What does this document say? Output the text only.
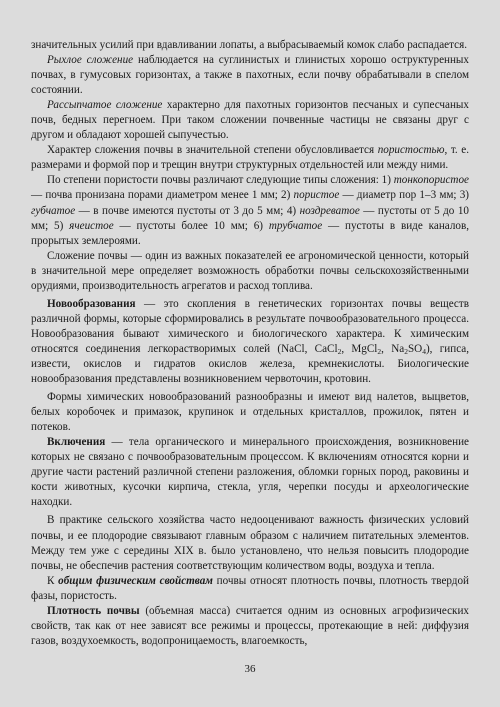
значительных усилий при вдавливании лопаты, а выбрасываемый комок слабо распадается.

Рыхлое сложение наблюдается на суглинистых и глинистых хорошо оструктуренных почвах, в гумусовых горизонтах, а также в пахотных, если почву обрабатывали в спелом состоянии.

Рассыпчатое сложение характерно для пахотных горизонтов песчаных и супесчаных почв, бедных перегноем. При таком сложении почвенные частицы не связаны друг с другом и обладают хорошей сыпучестью.

Характер сложения почвы в значительной степени обусловливается пористостью, т. е. размерами и формой пор и трещин внутри структурных отдельностей или между ними.

По степени пористости почвы различают следующие типы сложения: 1) тонкопористое — почва пронизана порами диаметром менее 1 мм; 2) пористое — диаметр пор 1–3 мм; 3) губчатое — в почве имеются пустоты от 3 до 5 мм; 4) ноздреватое — пустоты от 5 до 10 мм; 5) ячеистое — пустоты более 10 мм; 6) трубчатое — пустоты в виде каналов, прорытых землероями.

Сложение почвы — один из важных показателей ее агрономической ценности, который в значительной мере определяет возможность обработки почвы сельскохозяйственными орудиями, производительность агрегатов и расход топлива.

Новообразования — это скопления в генетических горизонтах почвы веществ различной формы, которые сформировались в результате почвообразовательного процесса. Новообразования бывают химического и биологического характера. К химическим относятся соединения легкорастворимых солей (NaCl, CaCl$_2$, MgCl$_2$, $Na_2SO_4$), гипса, извести, окислов и гидратов окислов железа, кремнекислоты. Биологические новообразования представлены возникновением червоточин, кротовин.

Формы химических новообразований разнообразны и имеют вид налетов, выцветов, белых коробочек и примазок, крупинок и отдельных кристаллов, прожилок, пятен и потеков.

Включения — тела органического и минерального происхождения, возникновение которых не связано с почвообразовательным процессом. К включениям относятся корни и другие части растений различной степени разложения, обломки горных пород, раковины и кости животных, кусочки кирпича, стекла, угля, черепки посуды и археологические находки.

В практике сельского хозяйства часто недооценивают важность физических условий почвы, и ее плодородие связывают главным образом с наличием питательных элементов. Между тем уже с середины XIX в. было установлено, что нельзя повысить плодородие почвы, не обеспечив растения соответствующим количеством воды, воздуха и тепла.

К общим физическим свойствам почвы относят плотность почвы, плотность твердой фазы, пористость.

Плотность почвы (объемная масса) считается одним из основных агрофизических свойств, так как от нее зависят все режимы и процессы, протекающие в ней: диффузия газов, воздухоемкость, водопроницаемость, влагоемкость,

36
